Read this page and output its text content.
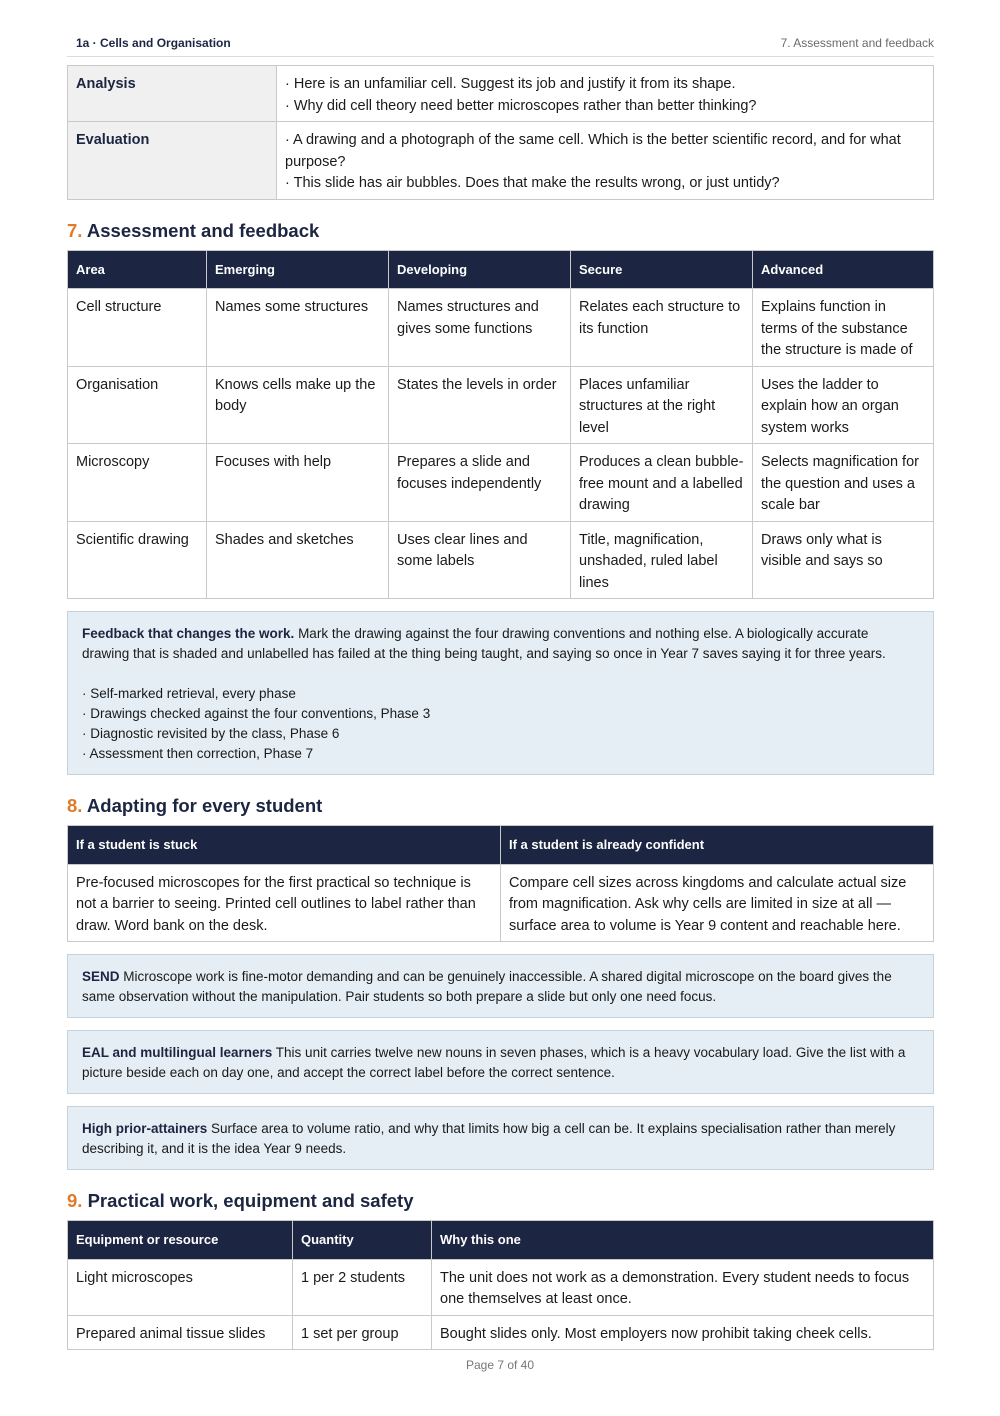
1a · Cells and Organisation	7. Assessment and feedback
Analysis	· Here is an unfamiliar cell. Suggest its job and justify it from its shape.
· Why did cell theory need better microscopes rather than better thinking?

Evaluation	· A drawing and a photograph of the same cell. Which is the better scientific record, and for what purpose?
· This slide has air bubbles. Does that make the results wrong, or just untidy?
7. Assessment and feedback
Area	Emerging	Developing	Secure	Advanced
Cell structure	Names some structures	Names structures and gives some functions	Relates each structure to its function	Explains function in terms of the substance the structure is made of
Organisation	Knows cells make up the body	States the levels in order	Places unfamiliar structures at the right level	Uses the ladder to explain how an organ system works
Microscopy	Focuses with help	Prepares a slide and focuses independently	Produces a clean bubble-free mount and a labelled drawing	Selects magnification for the question and uses a scale bar
Scientific drawing	Shades and sketches	Uses clear lines and some labels	Title, magnification, unshaded, ruled label lines	Draws only what is visible and says so
Feedback that changes the work. Mark the drawing against the four drawing conventions and nothing else. A biologically accurate drawing that is shaded and unlabelled has failed at the thing being taught, and saying so once in Year 7 saves saying it for three years.
· Self-marked retrieval, every phase
· Drawings checked against the four conventions, Phase 3
· Diagnostic revisited by the class, Phase 6
· Assessment then correction, Phase 7
8. Adapting for every student
If a student is stuck	If a student is already confident
Pre-focused microscopes for the first practical so technique is not a barrier to seeing. Printed cell outlines to label rather than draw. Word bank on the desk.	Compare cell sizes across kingdoms and calculate actual size from magnification. Ask why cells are limited in size at all — surface area to volume is Year 9 content and reachable here.
SEND Microscope work is fine-motor demanding and can be genuinely inaccessible. A shared digital microscope on the board gives the same observation without the manipulation. Pair students so both prepare a slide but only one need focus.
EAL and multilingual learners This unit carries twelve new nouns in seven phases, which is a heavy vocabulary load. Give the list with a picture beside each on day one, and accept the correct label before the correct sentence.
High prior-attainers Surface area to volume ratio, and why that limits how big a cell can be. It explains specialisation rather than merely describing it, and it is the idea Year 9 needs.
9. Practical work, equipment and safety
Equipment or resource	Quantity	Why this one
Light microscopes	1 per 2 students	The unit does not work as a demonstration. Every student needs to focus one themselves at least once.
Prepared animal tissue slides	1 set per group	Bought slides only. Most employers now prohibit taking cheek cells.
Page 7 of 40
